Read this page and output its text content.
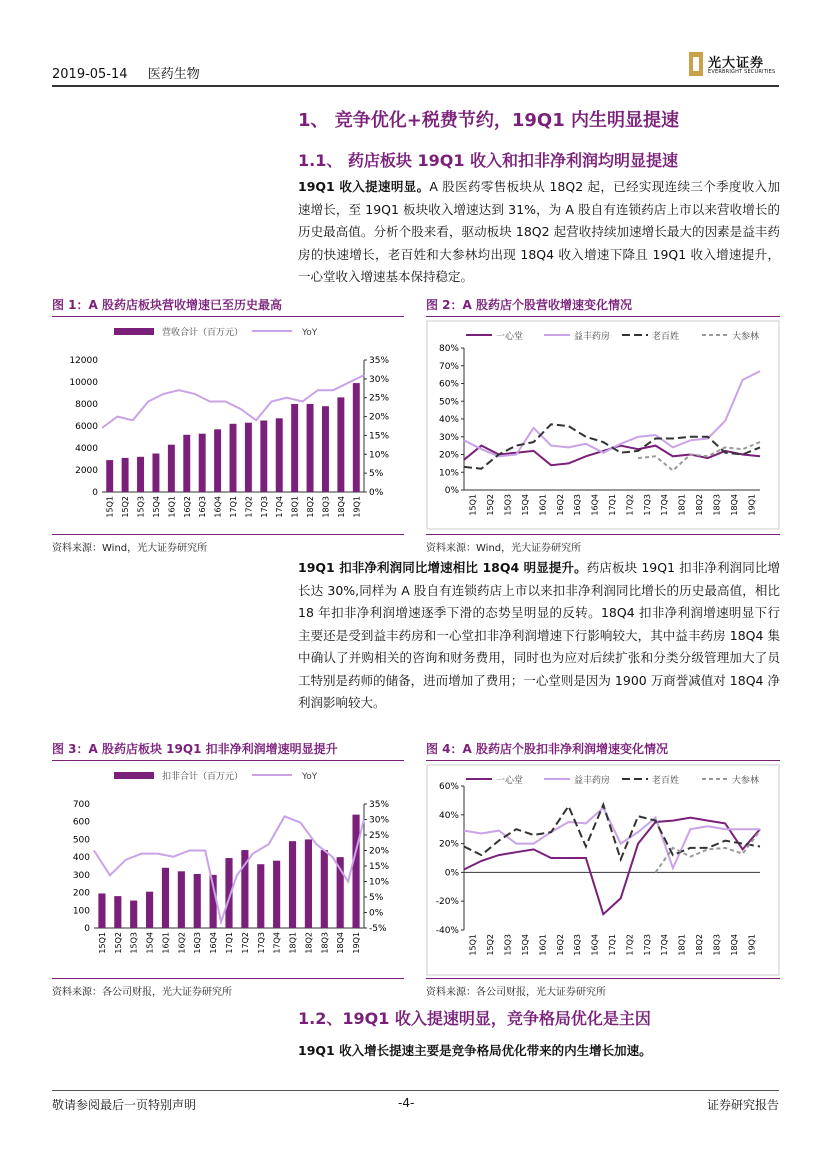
2019-05-14 医药生物
光大证券
EVERBRIGHT SECURITIES
1、 竞争优化+税费节约，19Q1 内生明显提速
1.1、 药店板块 19Q1 收入和扣非净利润均明显提速
19Q1 收入提速明显。A 股医药零售板块从 18Q2 起，已经实现连续三个季度收入加速增长，至 19Q1 板块收入增速达到 31%，为 A 股自有连锁药店上市以来营收增长的历史最高值。分析个股来看，驱动板块 18Q2 起营收持续加速增长最大的因素是益丰药房的快速增长，老百姓和大参林均出现 18Q4 收入增速下降且 19Q1 收入增速提升，一心堂收入增速基本保持稳定。
图 1：A 股药店板块营收增速已至历史最高
0
2000
4000
6000
8000
10000
12000
0%
5%
10%
15%
20%
25%
30%
35%
15Q1 15Q2 15Q3 15Q4 16Q1 16Q2 16Q3 16Q4 17Q1 17Q2 17Q3 17Q4 18Q1 18Q2 18Q3 18Q4 19Q1
营收合计（百万元）	YoY
资料来源：Wind，光大证券研究所
图 2：A 股药店个股营收增速变化情况
0%
10%
20%
30%
40%
50%
60%
70%
80%
15Q1 15Q2 15Q3 15Q4 16Q1 16Q2 16Q3 16Q4 17Q1 17Q2 17Q3 17Q4 18Q1 18Q2 18Q3 18Q4 19Q1
一心堂	益丰药房	老百姓	大参林
资料来源：Wind，光大证券研究所
19Q1 扣非净利润同比增速相比 18Q4 明显提升。药店板块 19Q1 扣非净利润同比增长达 30%,同样为 A 股自有连锁药店上市以来扣非净利润同比增长的历史最高值，相比 18 年扣非净利润增速逐季下滑的态势呈明显的反转。18Q4 扣非净利润增速明显下行主要还是受到益丰药房和一心堂扣非净利润增速下行影响较大，其中益丰药房 18Q4 集中确认了并购相关的咨询和财务费用，同时也为应对后续扩张和分类分级管理加大了员工特别是药师的储备，进而增加了费用；一心堂则是因为 1900 万商誉减值对 18Q4 净利润影响较大。
图 3：A 股药店板块 19Q1 扣非净利润增速明显提升
0
100
200
300
400
500
600
700
-5%
0%
5%
10%
15%
20%
25%
30%
35%
15Q1 15Q2 15Q3 15Q4 16Q1 16Q2 16Q3 16Q4 17Q1 17Q2 17Q3 17Q4 18Q1 18Q2 18Q3 18Q4 19Q1
扣非合计（百万元）	YoY
资料来源：各公司财报，光大证券研究所
图 4：A 股药店个股扣非净利润增速变化情况
-40%
-20%
0%
20%
40%
60%
15Q1 15Q2 15Q3 15Q4 16Q1 16Q2 16Q3 16Q4 17Q1 17Q2 17Q3 17Q4 18Q1 18Q2 18Q3 18Q4 19Q1
一心堂	益丰药房	老百姓	大参林
资料来源：各公司财报，光大证券研究所
1.2、19Q1 收入提速明显，竞争格局优化是主因
19Q1 收入增长提速主要是竞争格局优化带来的内生增长加速。
敬请参阅最后一页特别声明	-4-	证券研究报告
